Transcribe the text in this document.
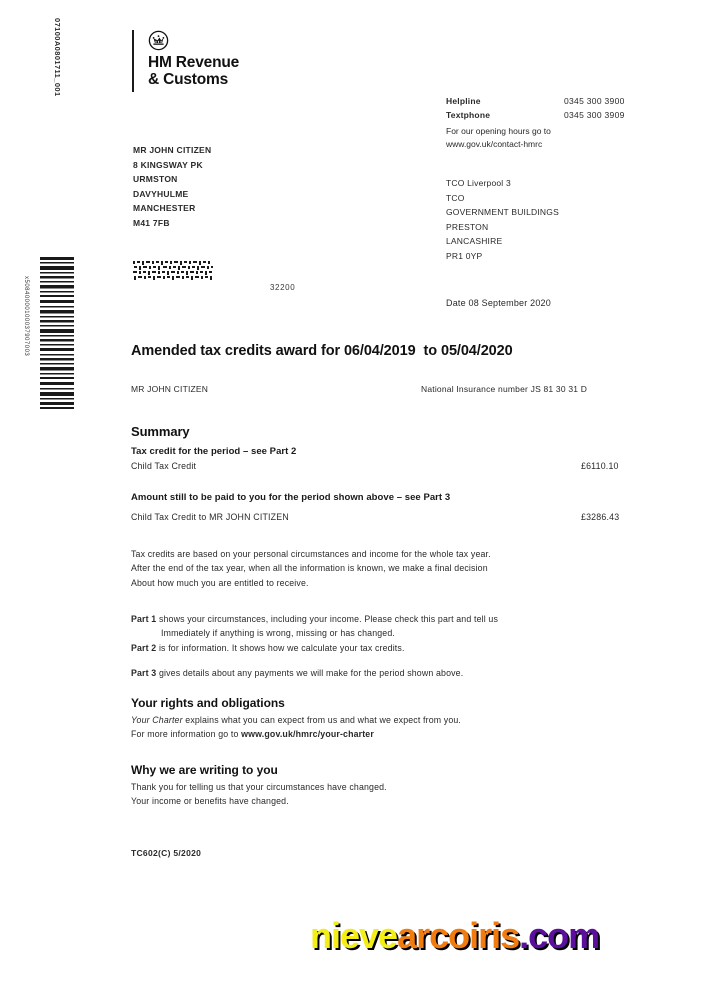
07100A0801711_001
x50840000100037907003
HM Revenue
& Customs
MR JOHN CITIZEN
8 KINGSWAY PK
URMSTON
DAVYHULME
MANCHESTER
M41 7FB
32200
Helpline	0345 300 3900
Textphone	0345 300 3909
For our opening hours go to
www.gov.uk/contact-hmrc
TCO Liverpool 3
TCO
GOVERNMENT BUILDINGS
PRESTON
LANCASHIRE
PR1 0YP
Date 08 September 2020
Amended tax credits award for 06/04/2019 to 05/04/2020
MR JOHN CITIZEN	National Insurance number JS 81 30 31 D
Summary
Tax credit for the period – see Part 2
Child Tax Credit	£6110.10
Amount still to be paid to you for the period shown above – see Part 3
Child Tax Credit to MR JOHN CITIZEN	£3286.43

Tax credits are based on your personal circumstances and income for the whole tax year.

After the end of the tax year, when all the information is known, we make a final decision

About how much you are entitled to receive.

Part 1 shows your circumstances, including your income. Please check this part and tell us
Immediately if anything is wrong, missing or has changed.
Part 2 is for information. It shows how we calculate your tax credits.
Part 3 gives details about any payments we will make for the period shown above.
Your rights and obligations
Your Charter explains what you can expect from us and what we expect from you.
For more information go to www.gov.uk/hmrc/your-charter
Why we are writing to you

Thank you for telling us that your circumstances have changed.

Your income or benefits have changed.

TC602(C) 5/2020
nievearcoiris.com
